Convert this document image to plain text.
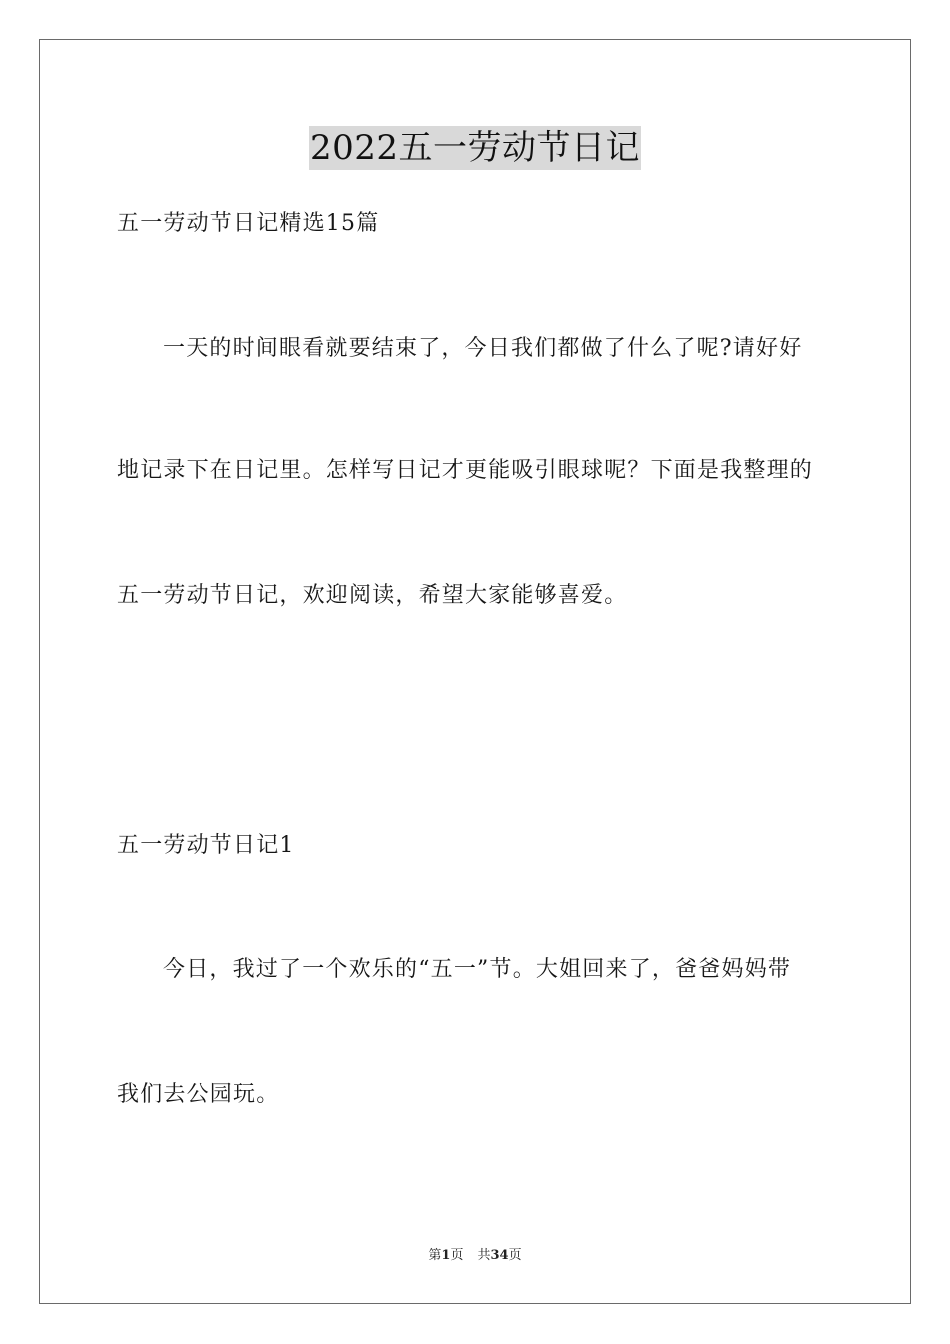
2022五一劳动节日记
五一劳动节日记精选15篇
一天的时间眼看就要结束了，今日我们都做了什么了呢?请好好
地记录下在日记里。怎样写日记才更能吸引眼球呢？下面是我整理的
五一劳动节日记，欢迎阅读，希望大家能够喜爱。
五一劳动节日记1
今日，我过了一个欢乐的“五一”节。大姐回来了，爸爸妈妈带
我们去公园玩。
第1页 共34页
